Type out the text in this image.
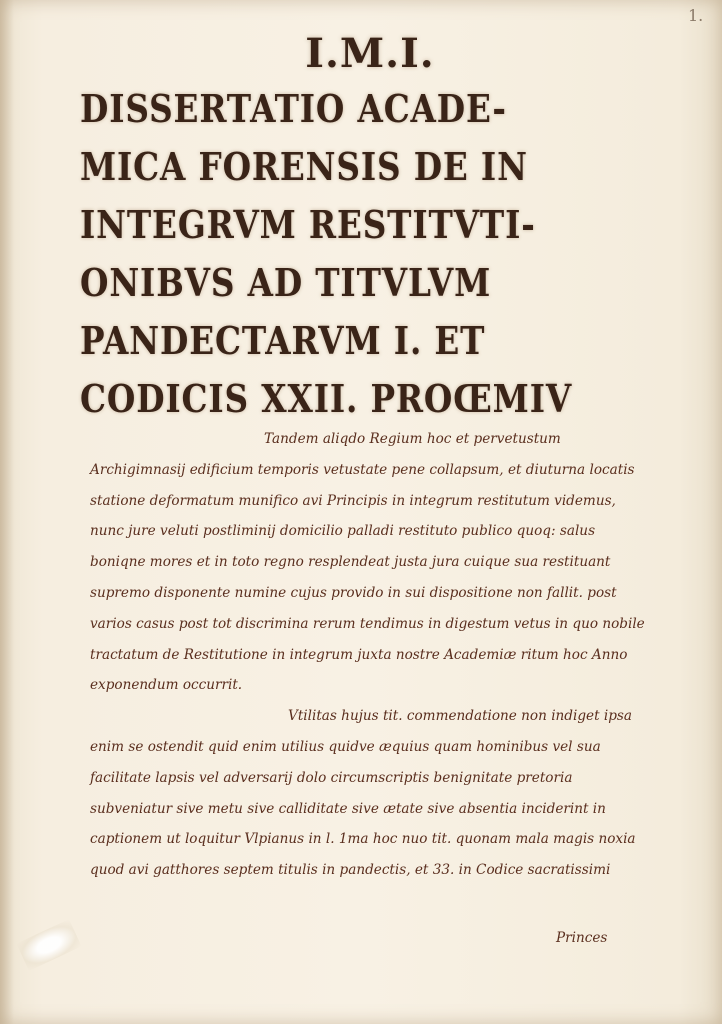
1.
I.M.I.
DISSERTATIO ACADE-
MICA FORENSIS DE IN
INTEGRVM RESTITVTI-
ONIBVS AD TITVLVM
PANDECTARVM I. ET
CODICIS XXII. PROŒMIV

Tandem aliqdo Regium hoc et pervetustum Archigimnasij edificium temporis vetustate pene collapsum, et diuturna locatis statione deformatum munifico avi Principis in integrum restitutum videmus, nunc jure veluti postliminij domicilio palladi restituto publico quoq: salus boniqne mores et in toto regno resplendeat justa jura cuique sua restituant supremo disponente numine cujus provido in sui dispositione non fallit. post varios casus post tot discrimina rerum tendimus in digestum vetus in quo nobile tractatum de Restitutione in integrum juxta nostre Academiæ ritum hoc Anno exponendum occurrit.

Vtilitas hujus tit. commendatione non indiget ipsa enim se ostendit quid enim utilius quidve æquius quam hominibus vel sua facilitate lapsis vel adversarij dolo circumscriptis benignitate pretoria subveniatur sive metu sive calliditate sive ætate sive absentia inciderint in captionem ut loquitur Vlpianus in l. 1ma hoc nuo tit. quonam mala magis noxia quod avi gatthores septem titulis in pandectis, et 33. in Codice sacratissimi

Princes
